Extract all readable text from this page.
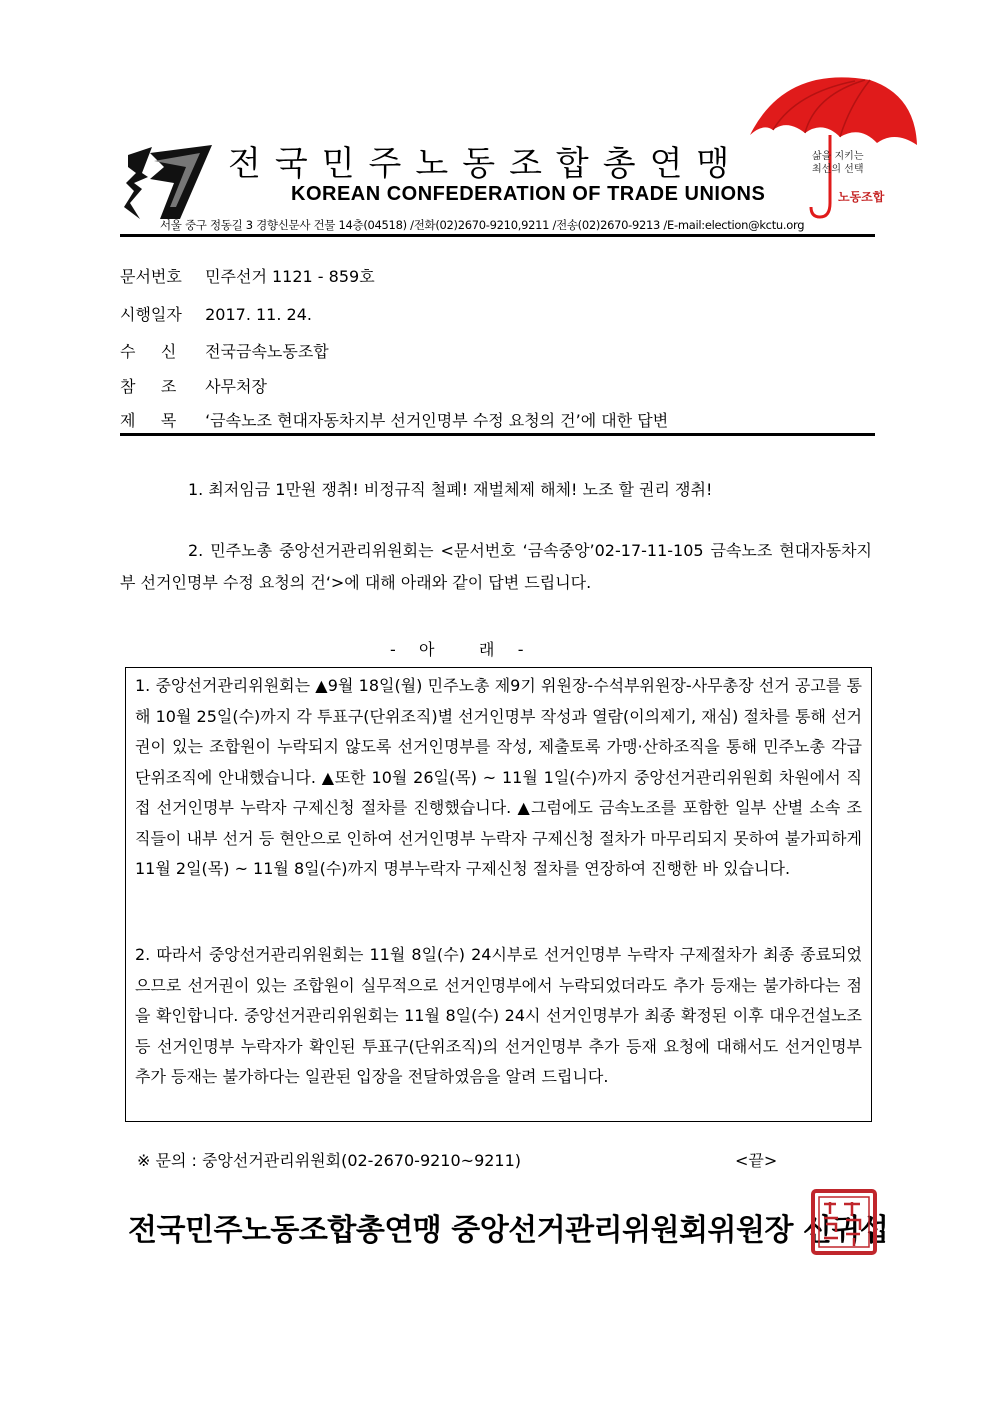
전국민주노동조합총연맹
KOREAN CONFEDERATION OF TRADE UNIONS
삶을 지키는
최선의 선택
노동조합
서울 중구 정동길 3 경향신문사 건물 14층(04518) /전화(02)2670-9210,9211 /전송(02)2670-9213 /E-mail:election@kctu.org
문서번호 민주선거 1121 - 859호
시행일자 2017. 11. 24.
수     신 전국금속노동조합
참     조 사무처장
제     목 ‘금속노조 현대자동차지부 선거인명부 수정 요청의 건’에 대한 답변
1. 최저임금 1만원 쟁취! 비정규직 철폐! 재벌체제 해체! 노조 할 권리 쟁취!
2. 민주노총 중앙선거관리위원회는 <문서번호 ‘금속중앙’02-17-11-105 금속노조 현대자동차지부 선거인명부 수정 요청의 건‘>에 대해 아래와 같이 답변 드립니다.
-   아      래   -
1. 중앙선거관리위원회는 ▲9월 18일(월) 민주노총 제9기 위원장-수석부위원장-사무총장 선거 공고를 통해 10월 25일(수)까지 각 투표구(단위조직)별 선거인명부 작성과 열람(이의제기, 재심) 절차를 통해 선거권이 있는 조합원이 누락되지 않도록 선거인명부를 작성, 제출토록 가맹·산하조직을 통해 민주노총 각급 단위조직에 안내했습니다. ▲또한 10월 26일(목) ~ 11월 1일(수)까지 중앙선거관리위원회 차원에서 직접 선거인명부 누락자 구제신청 절차를 진행했습니다. ▲그럼에도 금속노조를 포함한 일부 산별 소속 조직들이 내부 선거 등 현안으로 인하여 선거인명부 누락자 구제신청 절차가 마무리되지 못하여 불가피하게 11월 2일(목) ~ 11월 8일(수)까지 명부누락자 구제신청 절차를 연장하여 진행한 바 있습니다.
2. 따라서 중앙선거관리위원회는 11월 8일(수) 24시부로 선거인명부 누락자 구제절차가 최종 종료되었으므로 선거권이 있는 조합원이 실무적으로 선거인명부에서 누락되었더라도 추가 등재는 불가하다는 점을 확인합니다. 중앙선거관리위원회는 11월 8일(수) 24시 선거인명부가 최종 확정된 이후 대우건설노조 등 선거인명부 누락자가 확인된 투표구(단위조직)의 선거인명부 추가 등재 요청에 대해서도 선거인명부 추가 등재는 불가하다는 일관된 입장을 전달하였음을 알려 드립니다.
※ 문의 : 중앙선거관리위원회(02-2670-9210~9211)	<끝>
전국민주노동조합총연맹 중앙선거관리위원회위원장 신귀섭
